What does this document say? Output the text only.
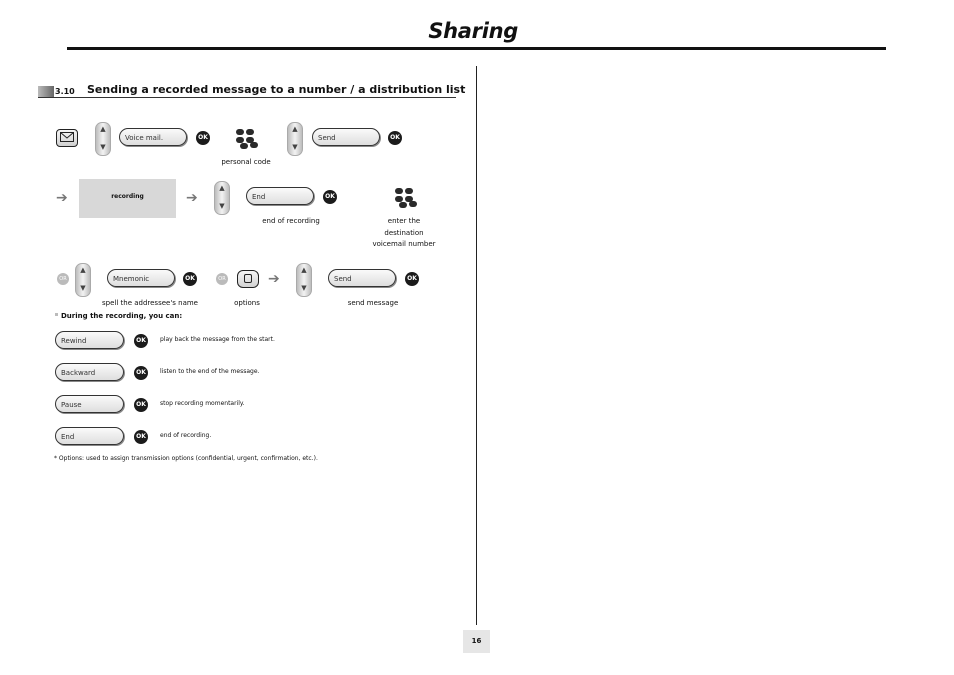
Sharing
3.10 Sending a recorded message to a number / a distribution list
▲
▼
Voice mail.	OK
personal code
▲
▼
Send	OK
➔	recording	➔
▲
▼
End	OK
end of recording	enter the
destination
voicemail number
OR
▲
▼
Mnemonic	OK	OR	➔
▲
▼
Send	OK
spell the addressee's name	options	send message
During the recording, you can:
Rewind	OK	play back the message from the start.
Backward	OK	listen to the end of the message.
Pause	OK	stop recording momentarily.
End	OK	end of recording.
* Options: used to assign transmission options (confidential, urgent, confirmation, etc.).
16
